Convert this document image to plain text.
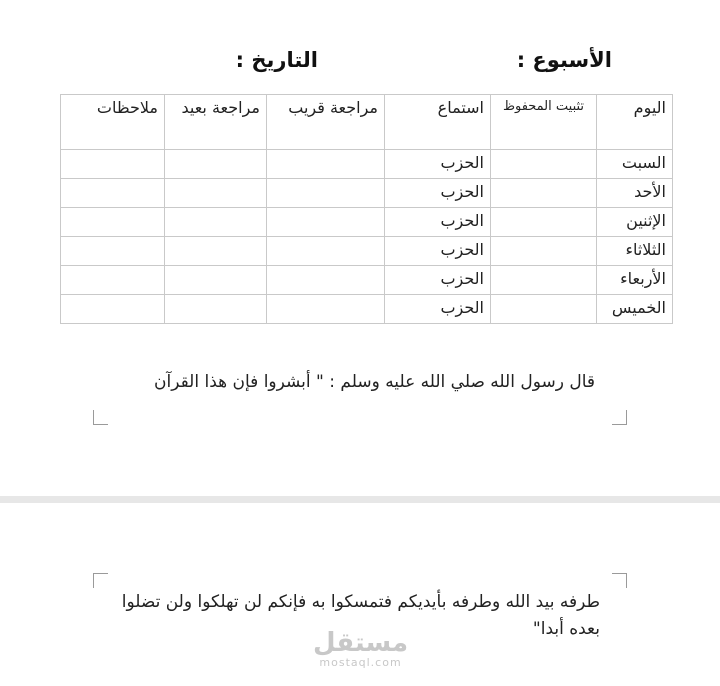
الأسبوع :
التاريخ :
اليوم	تثبيت المحفوظ	استماع	مراجعة قريب	مراجعة بعيد	ملاحظات
السبت		الحزب			
الأحد		الحزب			
الإثنين		الحزب			
الثلاثاء		الحزب			
الأربعاء		الحزب			
الخميس		الحزب			
قال رسول الله صلي الله عليه وسلم : " أبشروا فإن هذا القرآن
طرفه بيد الله وطرفه بأيديكم فتمسكوا به فإنكم لن تهلكوا ولن تضلوا بعده أبدا"
مستقل
mostaql.com
